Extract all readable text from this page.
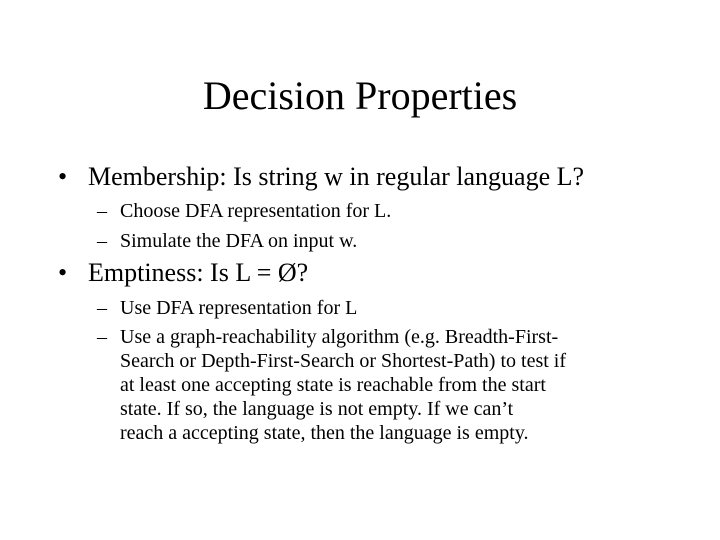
Decision Properties
• Membership: Is string w in regular language L?
– Choose DFA representation for L.
– Simulate the DFA on input w.
• Emptiness: Is L = Ø?
– Use DFA representation for L
– Use a graph-reachability algorithm (e.g. Breadth-First-
Search or Depth-First-Search or Shortest-Path) to test if
at least one accepting state is reachable from the start
state. If so, the language is not empty. If we can’t
reach a accepting state, then the language is empty.
